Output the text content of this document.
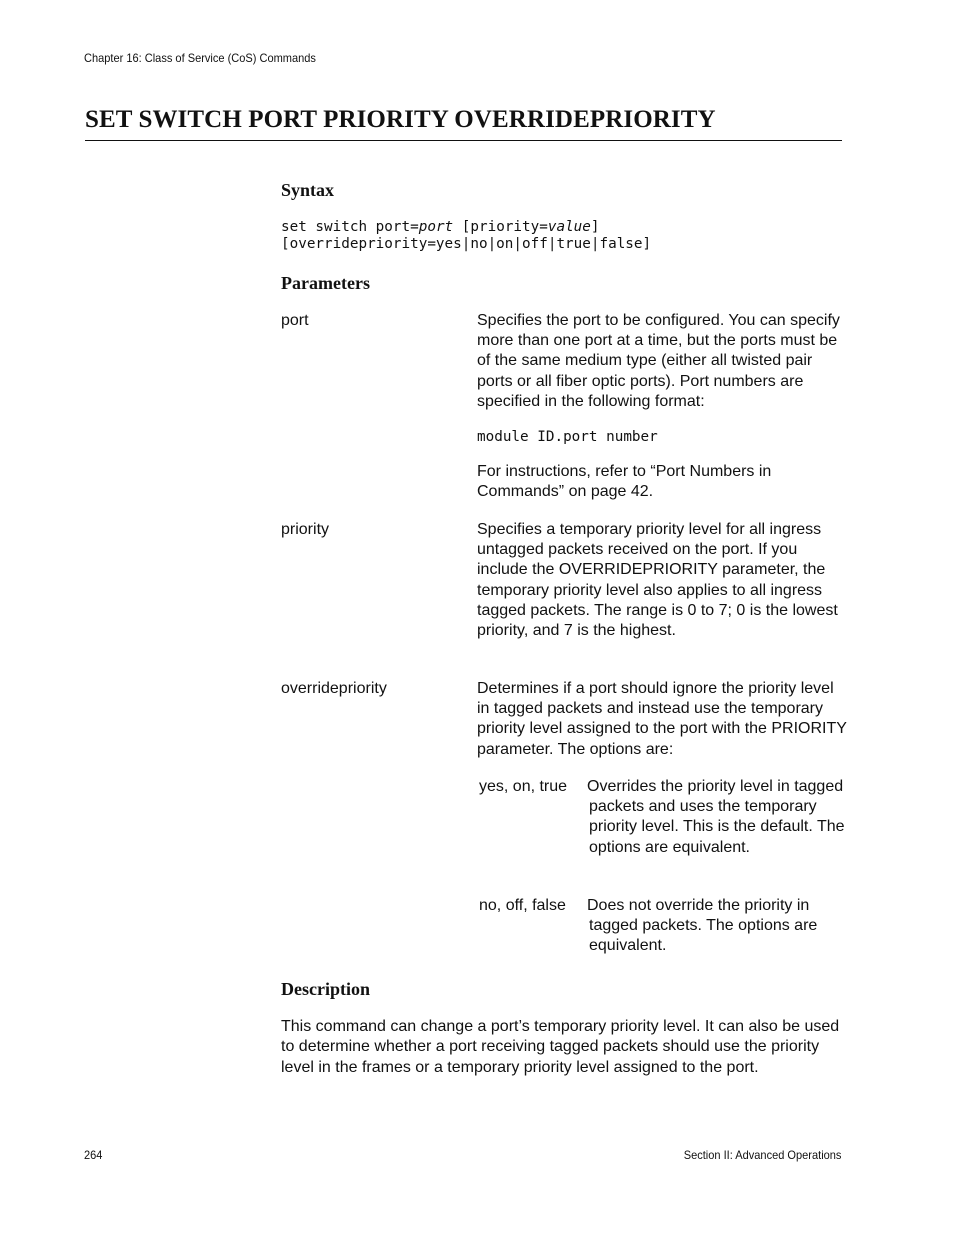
Chapter 16: Class of Service (CoS) Commands
SET SWITCH PORT PRIORITY OVERRIDEPRIORITY
Syntax
set switch port=port [priority=value]
[overridepriority=yes|no|on|off|true|false]
Parameters
port	Specifies the port to be configured. You can specify more than one port at a time, but the ports must be of the same medium type (either all twisted pair ports or all fiber optic ports). Port numbers are specified in the following format:
module ID.port number
For instructions, refer to “Port Numbers in Commands” on page 42.
priority	Specifies a temporary priority level for all ingress untagged packets received on the port. If you include the OVERRIDEPRIORITY parameter, the temporary priority level also applies to all ingress tagged packets. The range is 0 to 7; 0 is the lowest priority, and 7 is the highest.
overridepriority	Determines if a port should ignore the priority level in tagged packets and instead use the temporary priority level assigned to the port with the PRIORITY parameter. The options are:
yes, on, true Overrides the priority level in tagged packets and uses the temporary priority level. This is the default. The options are equivalent.
no, off, false Does not override the priority in tagged packets. The options are equivalent.
Description
This command can change a port’s temporary priority level. It can also be used to determine whether a port receiving tagged packets should use the priority level in the frames or a temporary priority level assigned to the port.
264	Section II: Advanced Operations
